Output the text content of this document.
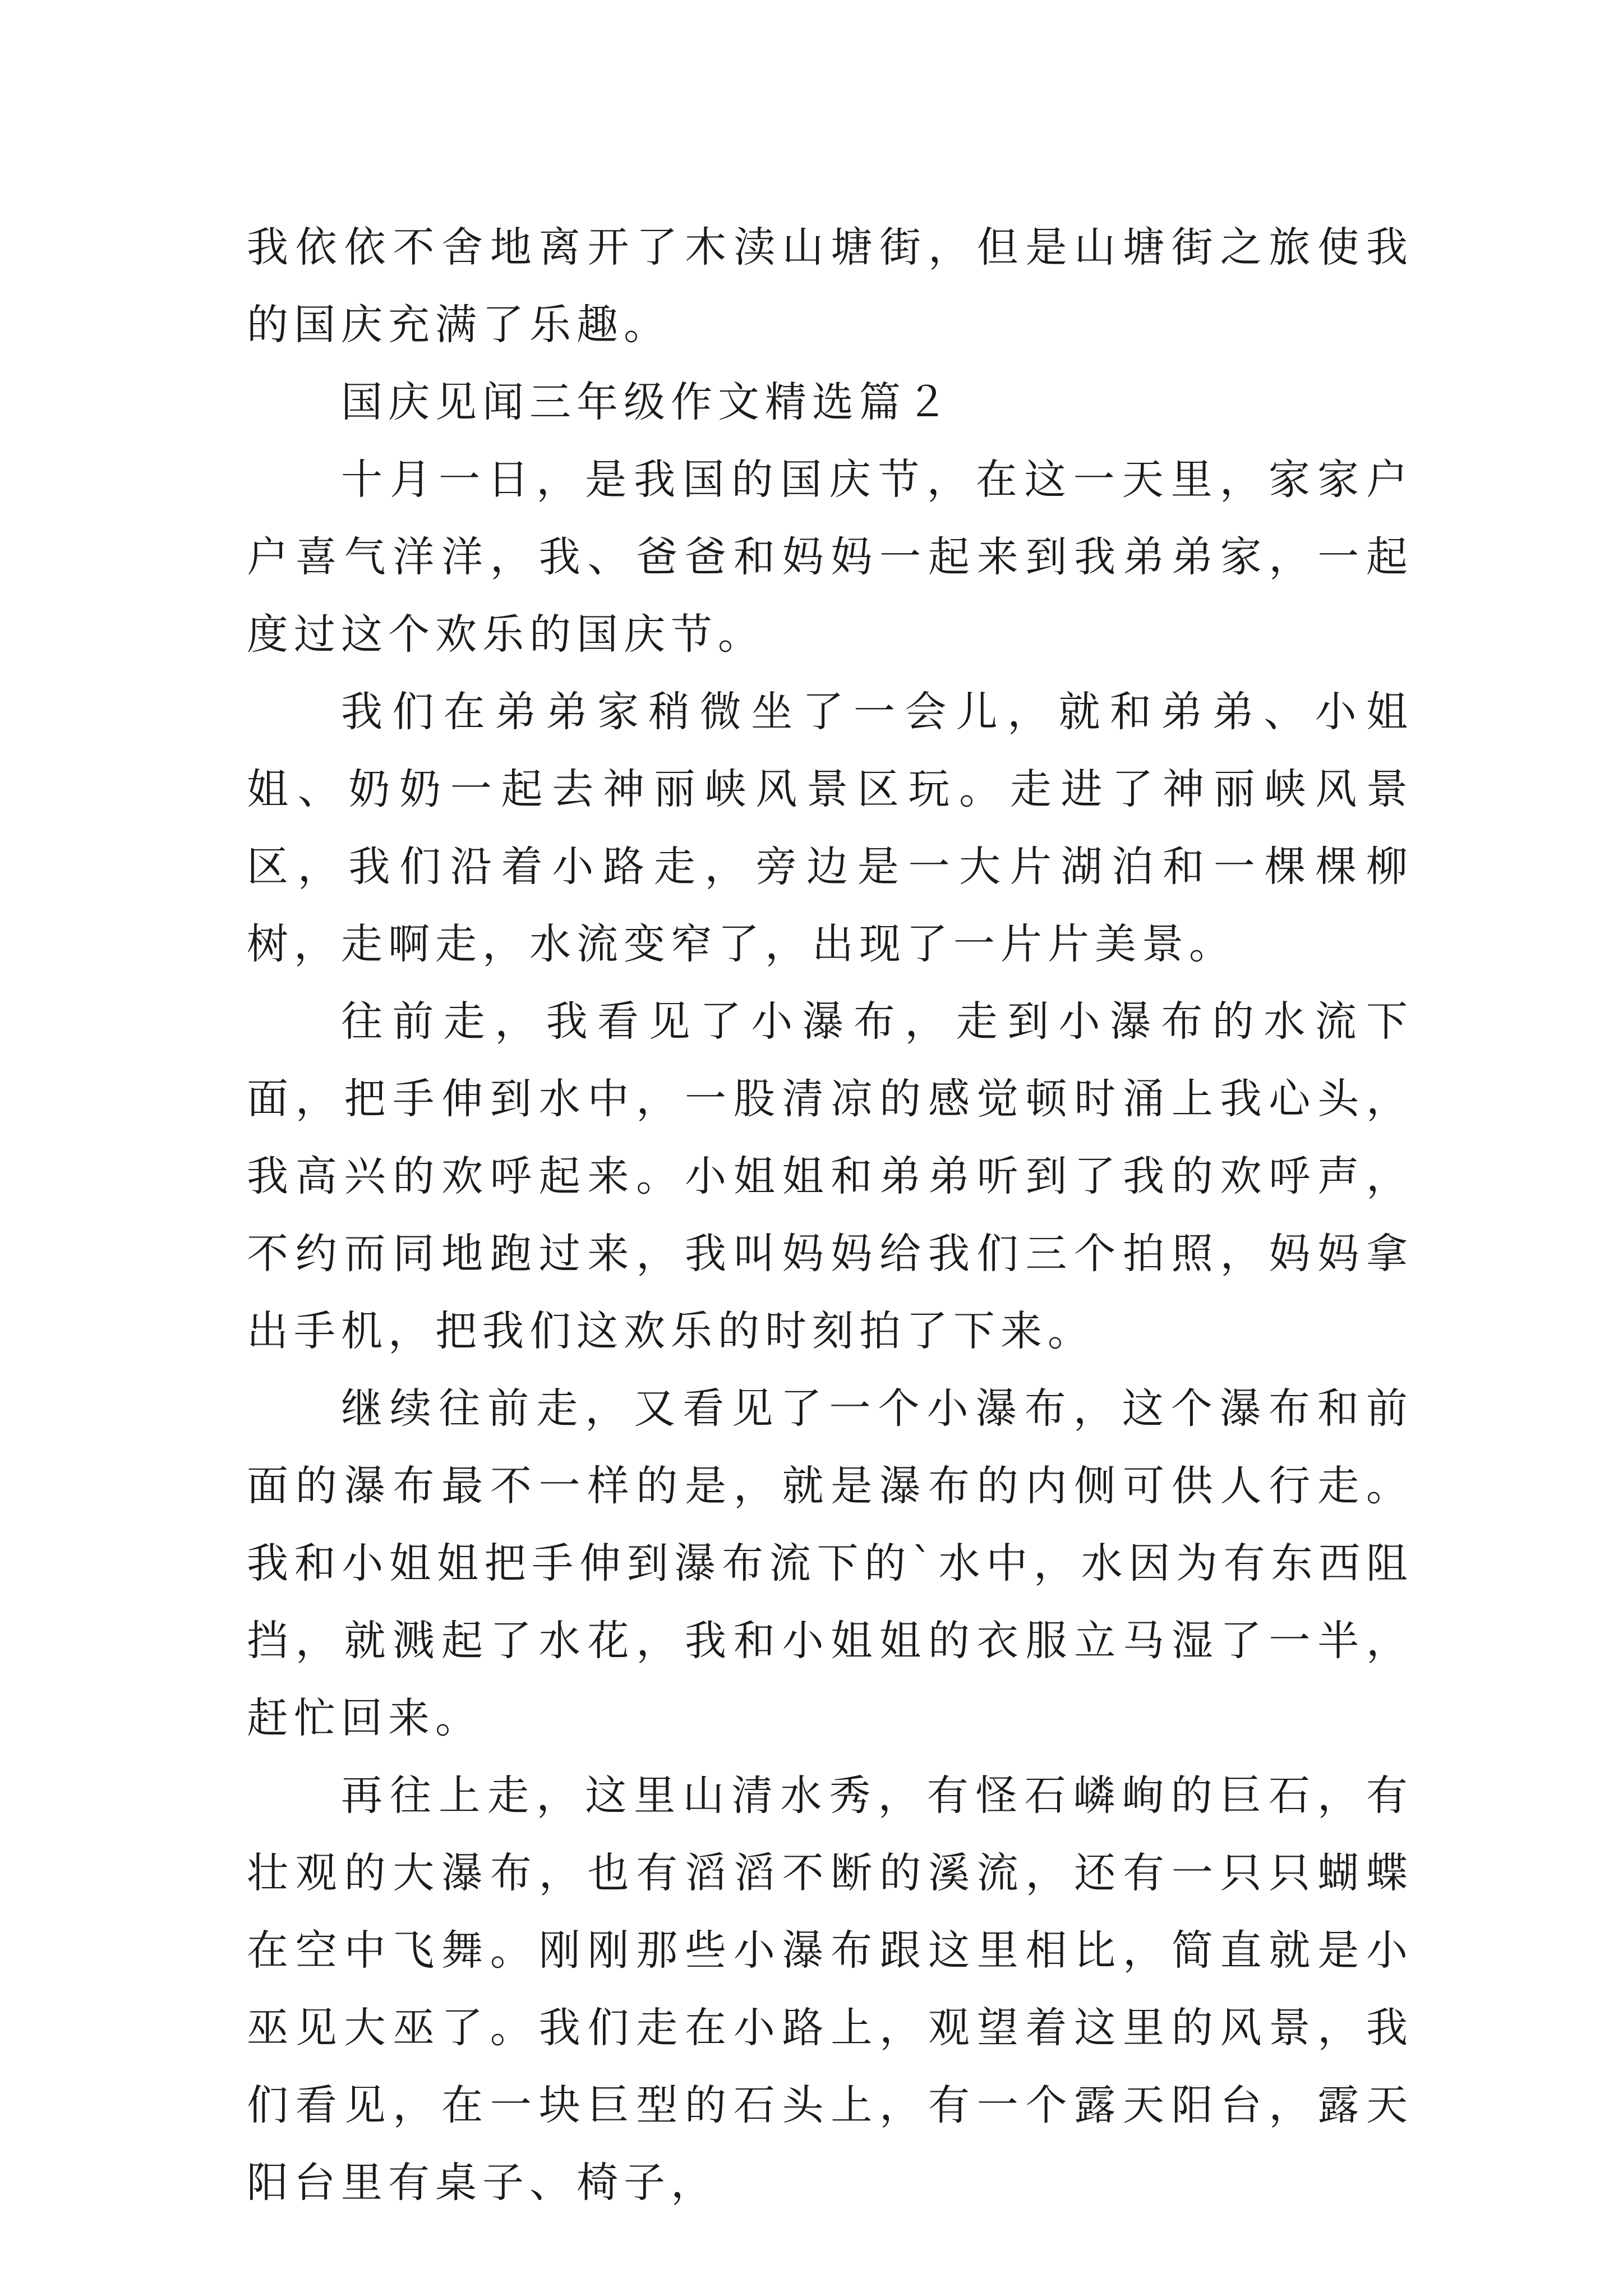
我依依不舍地离开了木渎山塘街，但是山塘街之旅使我的国庆充满了乐趣。

国庆见闻三年级作文精选篇２

十月一日，是我国的国庆节，在这一天里，家家户户喜气洋洋，我、爸爸和妈妈一起来到我弟弟家，一起度过这个欢乐的国庆节。

我们在弟弟家稍微坐了一会儿，就和弟弟、小姐姐、奶奶一起去神丽峡风景区玩。走进了神丽峡风景区，我们沿着小路走，旁边是一大片湖泊和一棵棵柳树，走啊走，水流变窄了，出现了一片片美景。

往前走，我看见了小瀑布，走到小瀑布的水流下面，把手伸到水中，一股清凉的感觉顿时涌上我心头，我高兴的欢呼起来。小姐姐和弟弟听到了我的欢呼声，不约而同地跑过来，我叫妈妈给我们三个拍照，妈妈拿出手机，把我们这欢乐的时刻拍了下来。

继续往前走，又看见了一个小瀑布，这个瀑布和前面的瀑布最不一样的是，就是瀑布的内侧可供人行走。我和小姐姐把手伸到瀑布流下的`水中，水因为有东西阻挡，就溅起了水花，我和小姐姐的衣服立马湿了一半，赶忙回来。

再往上走，这里山清水秀，有怪石嶙峋的巨石，有壮观的大瀑布，也有滔滔不断的溪流，还有一只只蝴蝶在空中飞舞。刚刚那些小瀑布跟这里相比，简直就是小巫见大巫了。我们走在小路上，观望着这里的风景，我们看见，在一块巨型的石头上，有一个露天阳台，露天阳台里有桌子、椅子，
